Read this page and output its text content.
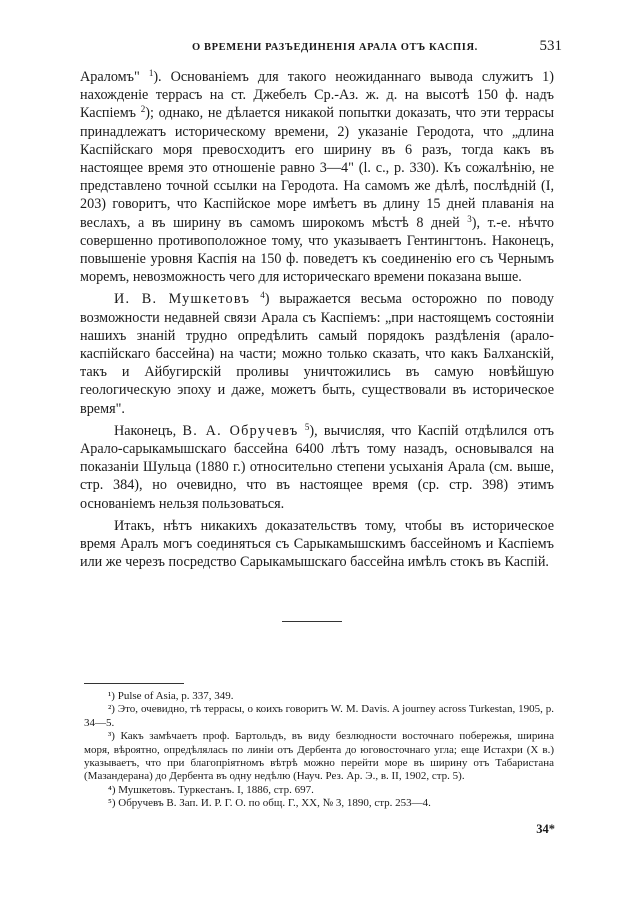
О ВРЕМЕНИ РАЗЪЕДИНЕНІЯ АРАЛА ОТЪ КАСПІЯ.	531

Араломъ" $^1$). Основаніемъ для такого неожиданнаго вывода служитъ 1) нахожденіе террасъ на ст. Джебелъ Ср.-Аз. ж. д. на высотѣ 150 ф. надъ Каспіемъ $^2$); однако, не дѣлается никакой попытки доказать, что эти террасы принадлежатъ историческому времени, 2) указаніе Геродота, что „длина Каспійскаго моря превосходитъ его ширину въ 6 разъ, тогда какъ въ настоящее время это отношеніе равно 3—4" (l. c., p. 330). Къ сожалѣнію, не представлено точной ссылки на Геродота. На самомъ же дѣлѣ, послѣдній (I, 203) говоритъ, что Каспійское море имѣетъ въ длину 15 дней плаванія на веслахъ, а въ ширину въ самомъ широкомъ мѣстѣ 8 дней $^3$), т.-е. нѣчто совершенно противоположное тому, что указываетъ Гентингтонъ. Наконецъ, повышеніе уровня Каспія на 150 ф. поведетъ къ соединенію его съ Чернымъ моремъ, невозможность чего для историческаго времени показана выше.

И. В. Мушкетовъ $^4$) выражается весьма осторожно по поводу возможности недавней связи Арала съ Каспіемъ: „при настоящемъ состояніи нашихъ знаній трудно опредѣлить самый порядокъ раздѣленія (арало-каспійскаго бассейна) на части; можно только сказать, что какъ Балханскій, такъ и Айбугирскій проливы уничтожились въ самую новѣйшую геологическую эпоху и даже, можетъ быть, существовали въ историческое время".

Наконецъ, В. А. Обручевъ $^5$), вычисляя, что Каспій отдѣлился отъ Арало-сарыкамышскаго бассейна 6400 лѣтъ тому назадъ, основывался на показаніи Шульца (1880 г.) относительно степени усыханія Арала (см. выше, стр. 384), но очевидно, что въ настоящее время (ср. стр. 398) этимъ основаніемъ нельзя пользоваться.

Итакъ, нѣтъ никакихъ доказательствъ тому, чтобы въ историческое время Аралъ могъ соединяться съ Сарыкамышскимъ бассейномъ и Каспіемъ или же черезъ посредство Сарыкамышскаго бассейна имѣлъ стокъ въ Каспій.

¹) Pulse of Asia, p. 337, 349.

²) Это, очевидно, тѣ террасы, о коихъ говоритъ W. M. Davis. A journey across Turkestan, 1905, p. 34—5.

³) Какъ замѣчаетъ проф. Бартольдъ, въ виду безлюдности восточнаго побережья, ширина моря, вѣроятно, опредѣлялась по линіи отъ Дербента до юговосточнаго угла; еще Истахри (X в.) указываетъ, что при благопріятномъ вѣтрѣ можно перейти море въ ширину отъ Табаристана (Мазандерана) до Дербента въ одну недѣлю (Науч. Рез. Ар. Э., в. II, 1902, стр. 5).

⁴) Мушкетовъ. Туркестанъ. I, 1886, стр. 697.

⁵) Обручевъ В. Зап. И. Р. Г. О. по общ. Г., XX, № 3, 1890, стр. 253—4.

34*
